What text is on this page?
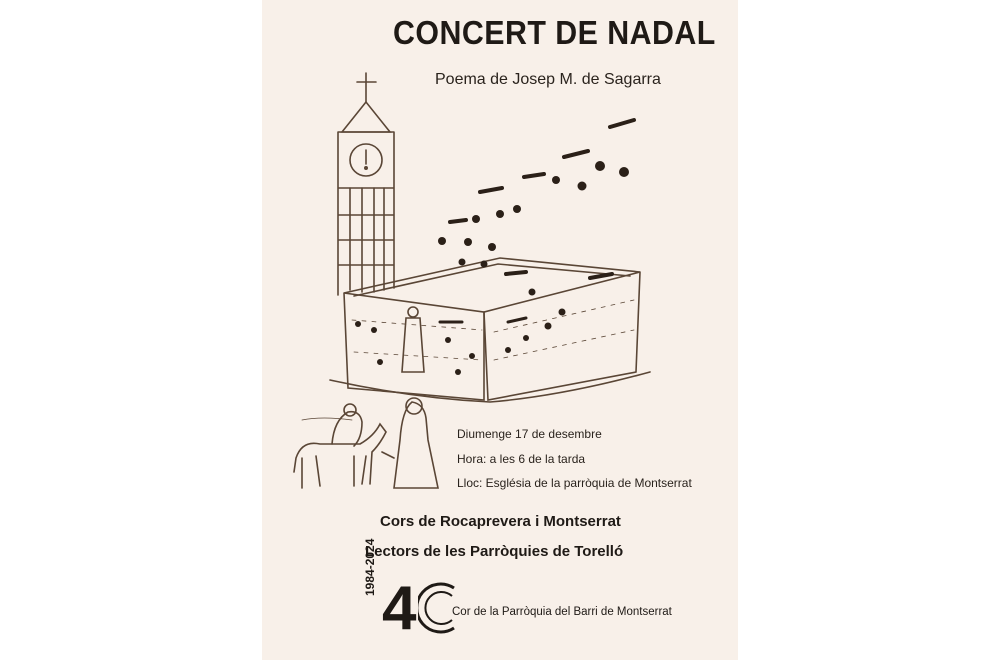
CONCERT DE NADAL
Poema de Josep M. de Sagarra
Diumenge 17 de desembre
Hora: a les 6 de la tarda
Lloc: Església de la parròquia de Montserrat
Cors de Rocaprevera i Montserrat
Lectors de les Parròquies de Torelló
1984-2024
4	Cor de la Parròquia del Barri de Montserrat
